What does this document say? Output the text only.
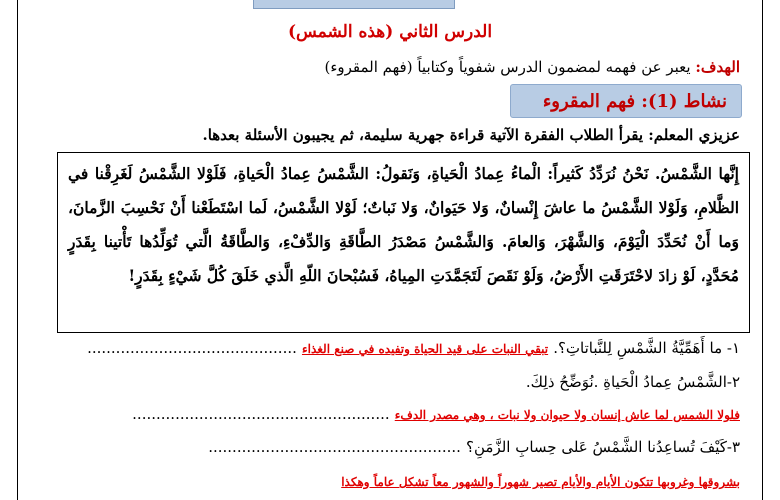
الدرس الثاني (هذه الشمس)
الهدف: يعبر عن فهمه لمضمون الدرس شفوياً وكتابياً (فهم المقروء)
نشاط (1): فهم المقروء
عزيزي المعلم: يقرأ الطلاب الفقرة الآتية قراءة جهرية سليمة، ثم يجيبون الأسئلة بعدها.
إِنَّها الشَّمْسُ. نَحْنُ نُرَدِّدُ كَثيراً: الْماءُ عِمادُ الْحَياةِ، وَنَقولُ: الشَّمْسُ عِمادُ الْحَياةِ، فَلَوْلا الشَّمْسُ لَغَرِقْنا في الظَّلامِ، وَلَوْلا الشَّمْسُ ما عاشَ إِنْسانٌ، وَلا حَيَوانٌ، وَلا نَباتٌ؛ لَوْلا الشَّمْسُ، لَما اسْتَطَعْنا أَنْ نَحْسِبَ الزَّمانَ، وَما أَنْ نُحَدِّدَ الْيَوْمَ، وَالشَّهْرَ، وَالعامَ. وَالشَّمْسُ مَصْدَرُ الطَّاقَةِ وَالدِّفْءِ، وَالطَّاقَةُ الَّتي تُوَلِّدُها تَأْتينا بِقَدَرٍ مُحَدَّدٍ، لَوْ زادَ لاحْتَرَقَتِ الأَرْضُ، وَلَوْ نَقَصَ لَتَجَمَّدَتِ المِياهُ، فَسُبْحانَ اللّهِ الَّذي خَلَقَ كُلَّ شَيْءٍ بِقَدَرٍ!
١- ما أَهَمِّيَّةُ الشَّمْسِ لِلنَّباتاتِ؟. تبقي النبات على قيد الحياة وتفيده في صنع الغذاء ............................................
٢-الشَّمْسُ عِمادُ الْحَياةِ .نُوَضِّحُ ذلِكَ.
فلولا الشمس لما عاش إنسان ولا حيوان ولا نبات ، وهي مصدر الدفء ......................................................
٣-كَيْفَ تُساعِدُنا الشَّمْسُ عَلى حِسابِ الزَّمَنِ؟ .....................................................
بشروقها وغروبها تتكون الأيام والأيام تصير شهوراً والشهور معاً تشكل عاماً وهكذا
